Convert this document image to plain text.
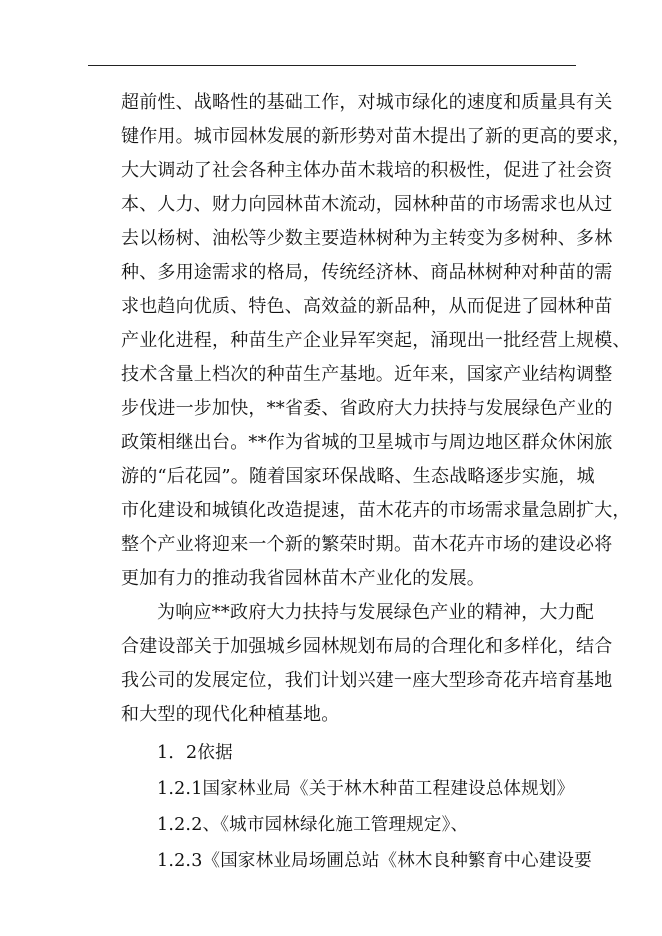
超前性、战略性的基础工作，对城市绿化的速度和质量具有关
键作用。城市园林发展的新形势对苗木提出了新的更高的要求，
大大调动了社会各种主体办苗木栽培的积极性，促进了社会资
本、人力、财力向园林苗木流动，园林种苗的市场需求也从过
去以杨树、油松等少数主要造林树种为主转变为多树种、多林
种、多用途需求的格局，传统经济林、商品林树种对种苗的需
求也趋向优质、特色、高效益的新品种，从而促进了园林种苗
产业化进程，种苗生产企业异军突起，涌现出一批经营上规模、
技术含量上档次的种苗生产基地。近年来，国家产业结构调整
步伐进一步加快，**省委、省政府大力扶持与发展绿色产业的
政策相继出台。**作为省城的卫星城市与周边地区群众休闲旅
游的“后花园”。随着国家环保战略、生态战略逐步实施，城
市化建设和城镇化改造提速，苗木花卉的市场需求量急剧扩大，
整个产业将迎来一个新的繁荣时期。苗木花卉市场的建设必将
更加有力的推动我省园林苗木产业化的发展。
为响应**政府大力扶持与发展绿色产业的精神，大力配
合建设部关于加强城乡园林规划布局的合理化和多样化，结合
我公司的发展定位，我们计划兴建一座大型珍奇花卉培育基地
和大型的现代化种植基地。
1．2依据
1.2.1国家林业局《关于林木种苗工程建设总体规划》
1.2.2、《城市园林绿化施工管理规定》、
1.2.3《国家林业局场圃总站《林木良种繁育中心建设要
